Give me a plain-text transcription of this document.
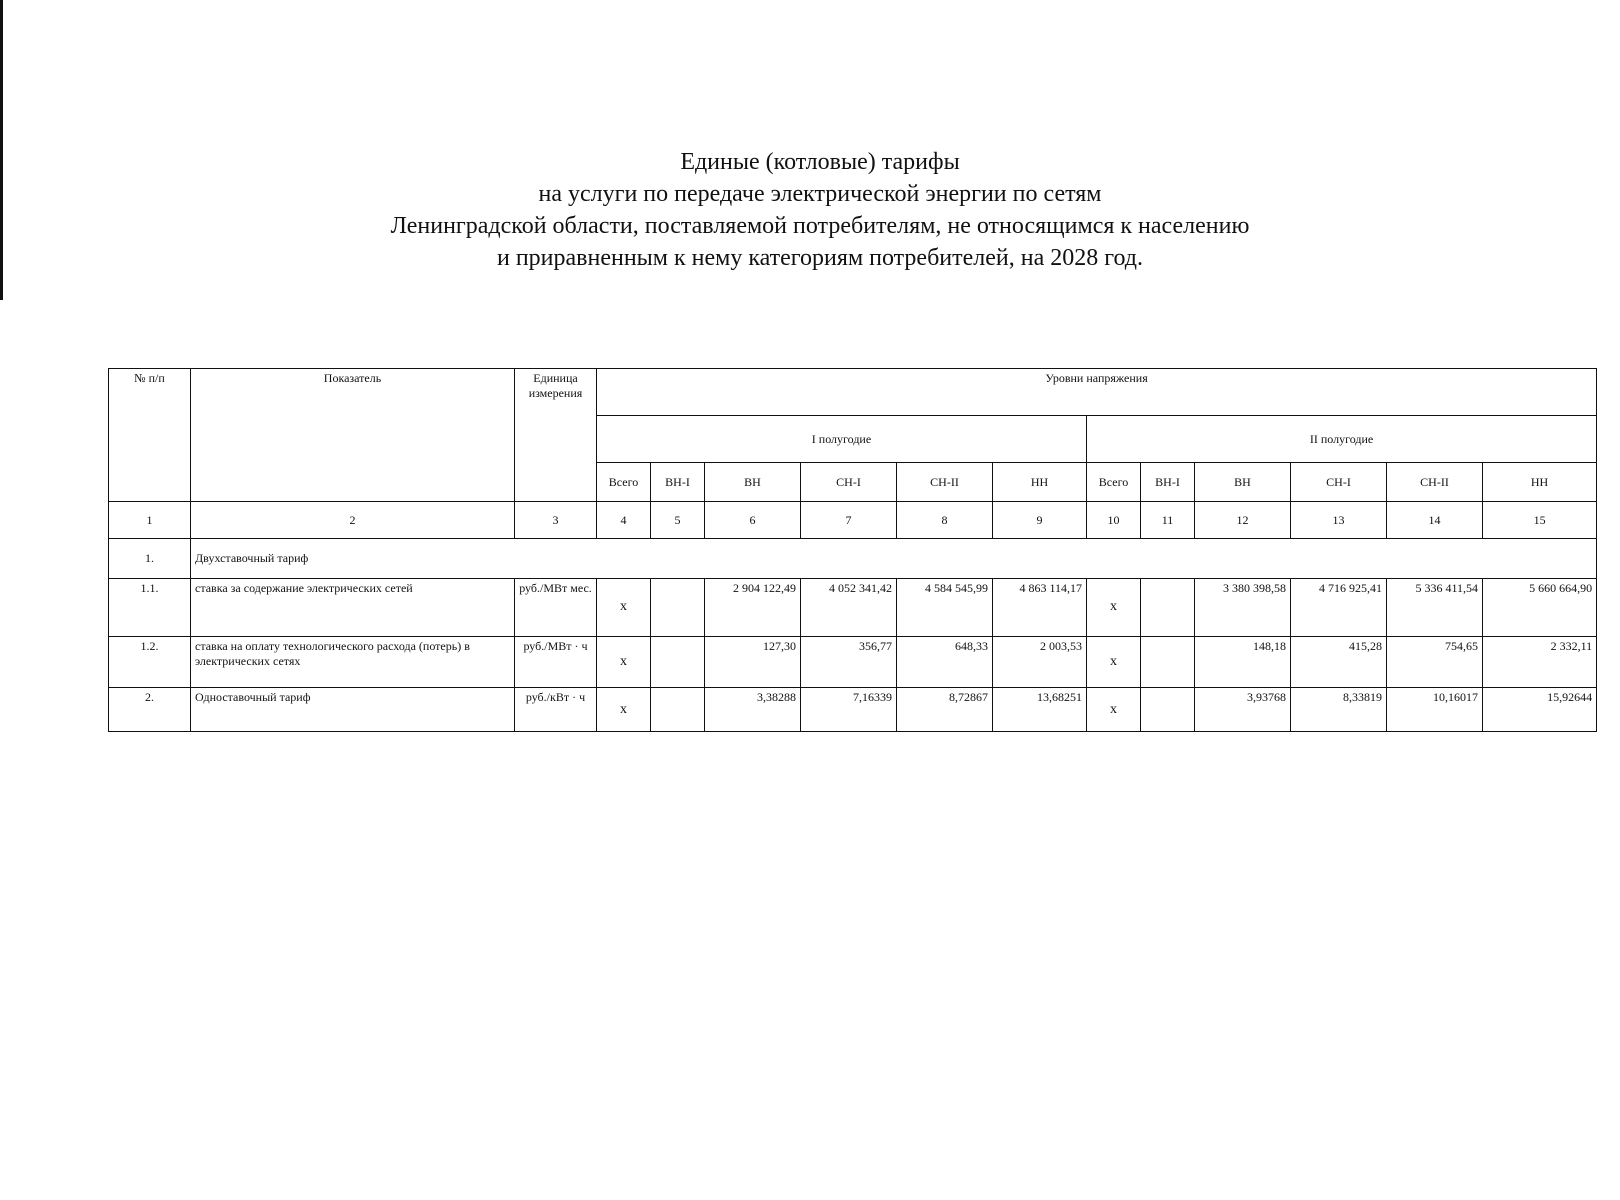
Единые (котловые) тарифы
на услуги по передаче электрической энергии по сетям
Ленинградской области, поставляемой потребителям, не относящимся к населению
и приравненным к нему категориям потребителей, на 2028 год.
№ п/п	Показатель	Единица измерения	Уровни напряжения											
			I полугодие						II полугодие					
			Всего	ВН-I	ВН	СН-I	СН-II	НН	Всего	ВН-I	ВН	СН-I	СН-II	НН
1	2	3	4	5	6	7	8	9	10	11	12	13	14	15
1.	Двухставочный тариф													
1.1.	ставка за содержание электрических сетей	руб./МВт мес.	x		2 904 122,49	4 052 341,42	4 584 545,99	4 863 114,17	x		3 380 398,58	4 716 925,41	5 336 411,54	5 660 664,90
1.2.	ставка на оплату технологического расхода (потерь) в электрических сетях	руб./МВт · ч	x		127,30	356,77	648,33	2 003,53	x		148,18	415,28	754,65	2 332,11
2.	Одноставочный тариф	руб./кВт · ч	x		3,38288	7,16339	8,72867	13,68251	x		3,93768	8,33819	10,16017	15,92644
